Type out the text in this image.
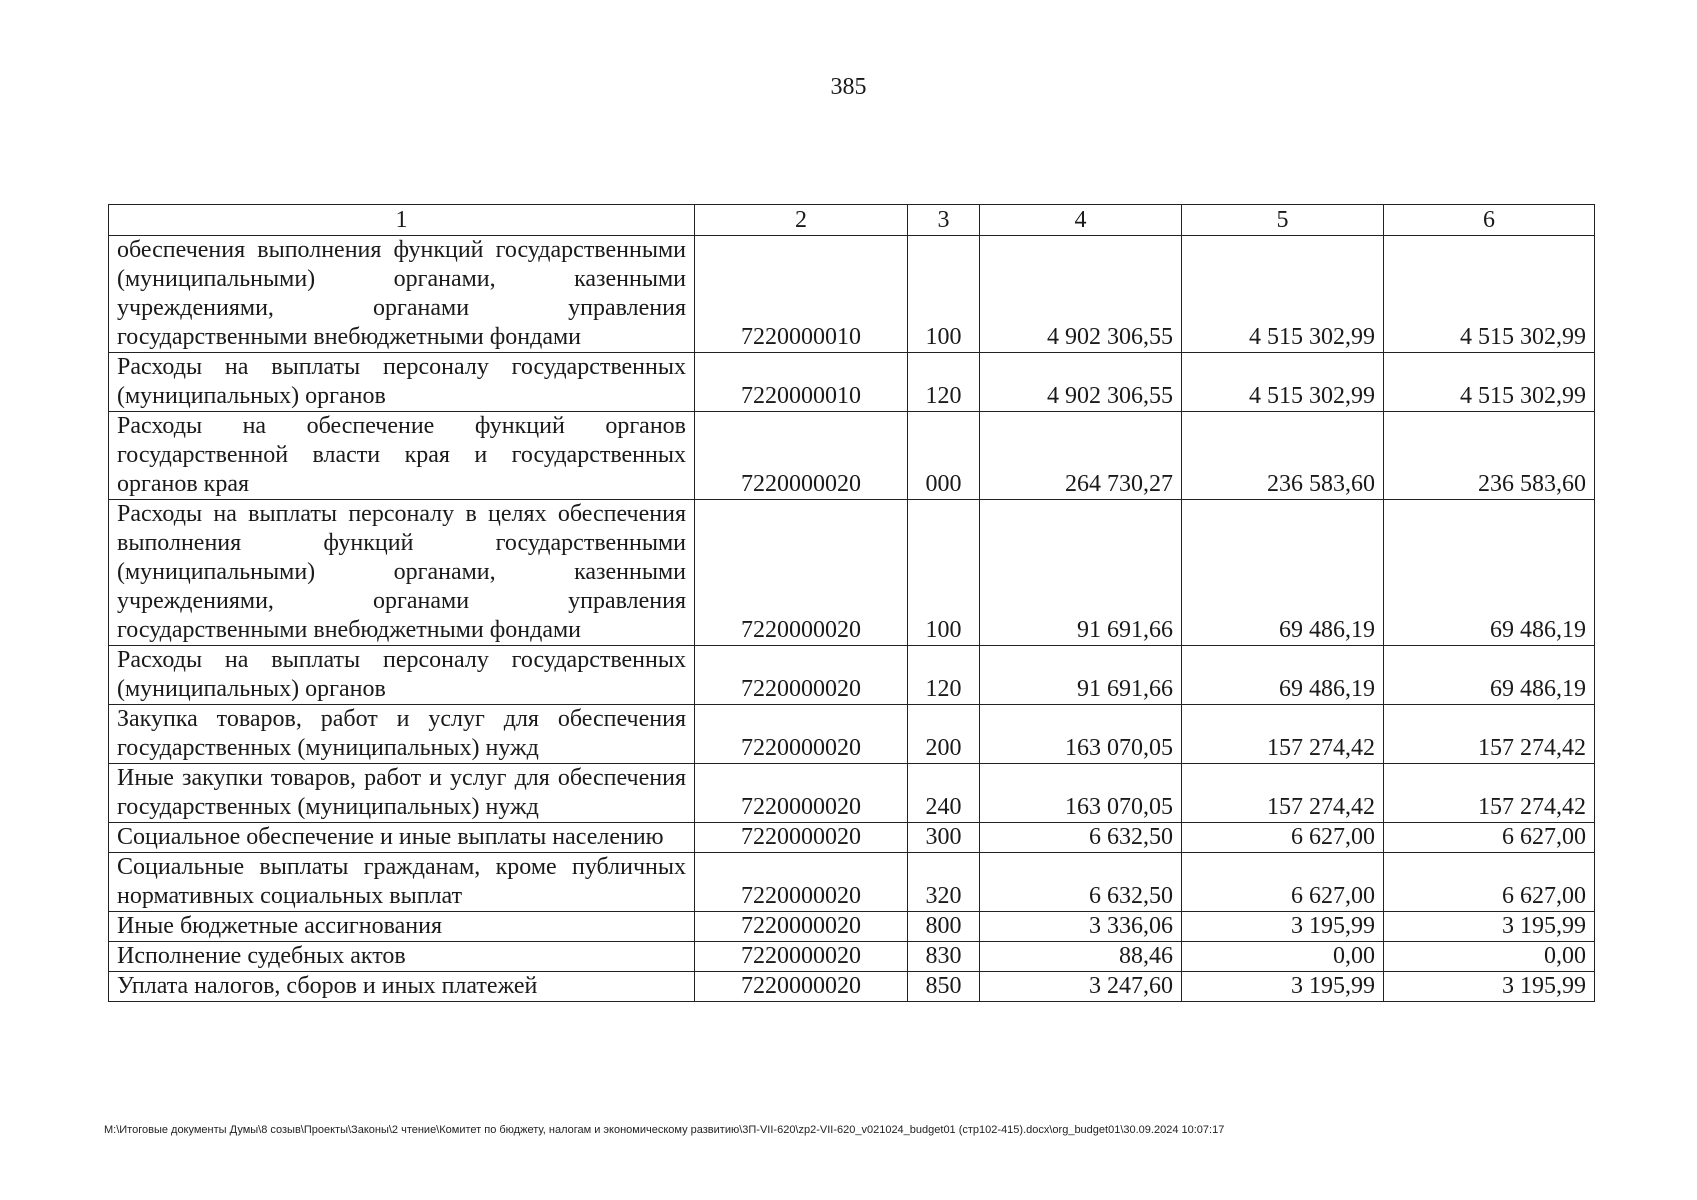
385
1	2	3	4	5	6
обеспечения выполнения функций государственными (муниципальными) органами, казенными учреждениями, органами управления государственными внебюджетными фондами	7220000010	100	4 902 306,55	4 515 302,99	4 515 302,99
Расходы на выплаты персоналу государственных (муниципальных) органов	7220000010	120	4 902 306,55	4 515 302,99	4 515 302,99
Расходы на обеспечение функций органов государственной власти края и государственных органов края	7220000020	000	264 730,27	236 583,60	236 583,60
Расходы на выплаты персоналу в целях обеспечения выполнения функций государственными (муниципальными) органами, казенными учреждениями, органами управления государственными внебюджетными фондами	7220000020	100	91 691,66	69 486,19	69 486,19
Расходы на выплаты персоналу государственных (муниципальных) органов	7220000020	120	91 691,66	69 486,19	69 486,19
Закупка товаров, работ и услуг для обеспечения государственных (муниципальных) нужд	7220000020	200	163 070,05	157 274,42	157 274,42
Иные закупки товаров, работ и услуг для обеспечения государственных (муниципальных) нужд	7220000020	240	163 070,05	157 274,42	157 274,42
Социальное обеспечение и иные выплаты населению	7220000020	300	6 632,50	6 627,00	6 627,00
Социальные выплаты гражданам, кроме публичных нормативных социальных выплат	7220000020	320	6 632,50	6 627,00	6 627,00
Иные бюджетные ассигнования	7220000020	800	3 336,06	3 195,99	3 195,99
Исполнение судебных актов	7220000020	830	88,46	0,00	0,00
Уплата налогов, сборов и иных платежей	7220000020	850	3 247,60	3 195,99	3 195,99
M:\Итоговые документы Думы\8 созыв\Проекты\Законы\2 чтение\Комитет по бюджету, налогам и экономическому развитию\3П-VII-620\zp2-VII-620_v021024_budget01 (стр102-415).docx\org_budget01\30.09.2024 10:07:17
